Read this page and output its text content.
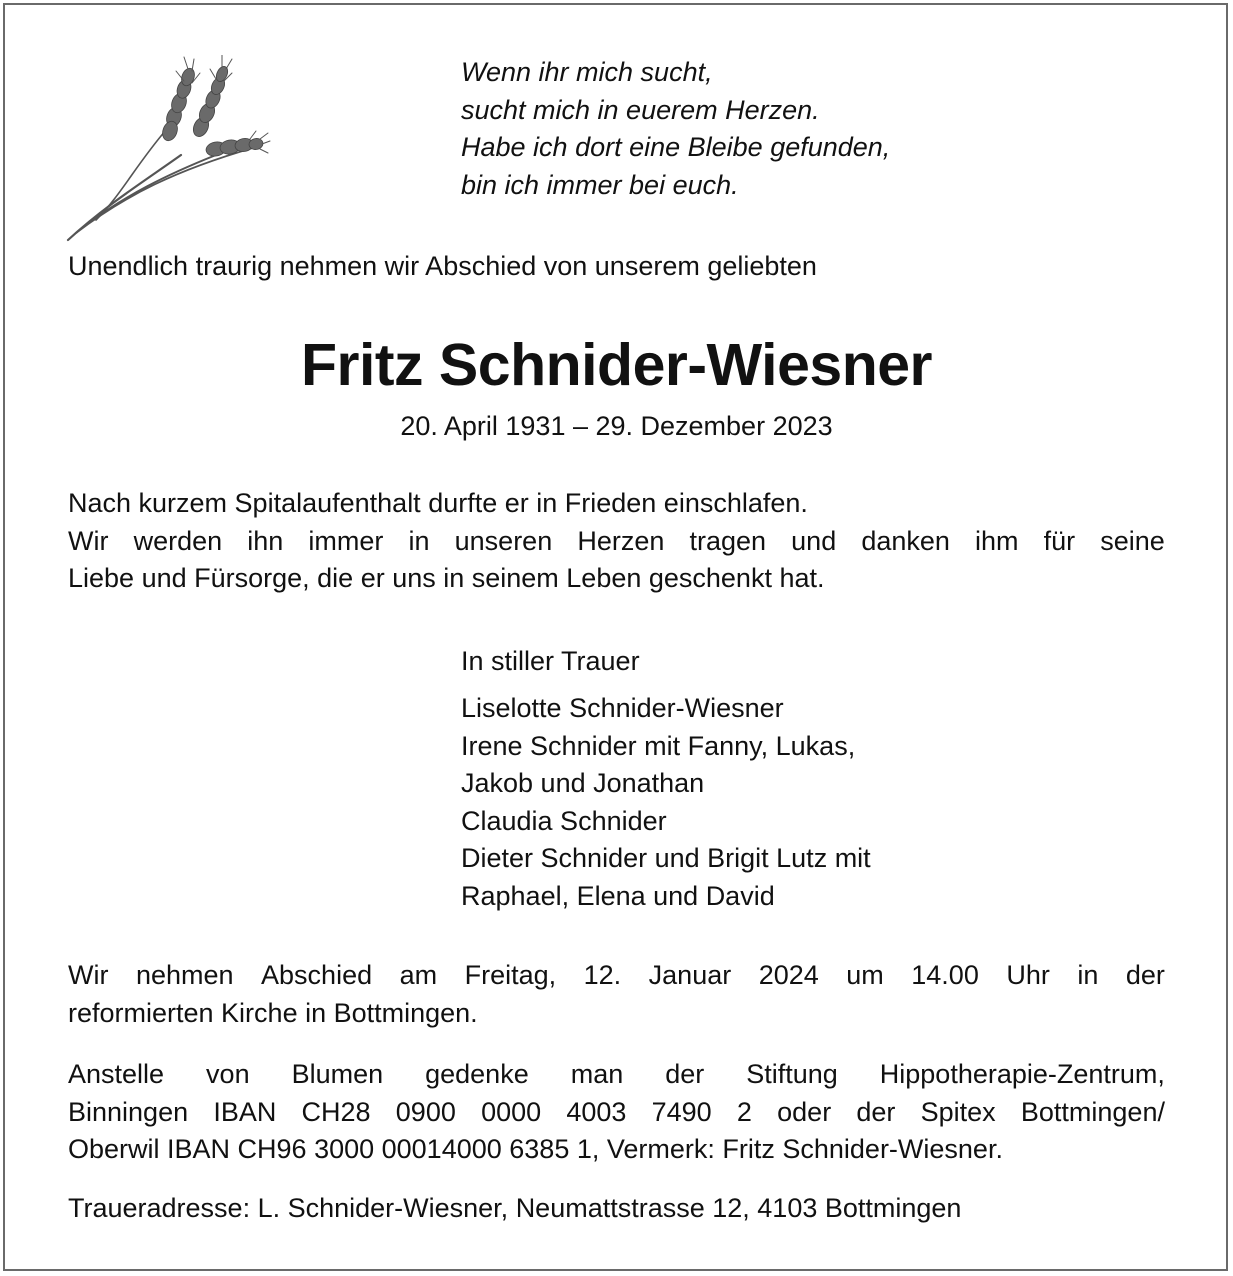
Wenn ihr mich sucht,
sucht mich in euerem Herzen.
Habe ich dort eine Bleibe gefunden,
bin ich immer bei euch.
Unendlich traurig nehmen wir Abschied von unserem geliebten
Fritz Schnider-Wiesner
20. April 1931 – 29. Dezember 2023
Nach kurzem Spitalaufenthalt durfte er in Frieden einschlafen.
Wir werden ihn immer in unseren Herzen tragen und danken ihm für seine
Liebe und Fürsorge, die er uns in seinem Leben geschenkt hat.
In stiller Trauer
Liselotte Schnider-Wiesner
Irene Schnider mit Fanny, Lukas,
Jakob und Jonathan
Claudia Schnider
Dieter Schnider und Brigit Lutz mit
Raphael, Elena und David
Wir nehmen Abschied am Freitag, 12. Januar 2024 um 14.00 Uhr in der
reformierten Kirche in Bottmingen.
Anstelle von Blumen gedenke man der Stiftung Hippotherapie-Zentrum,
Binningen IBAN CH28 0900 0000 4003 7490 2 oder der Spitex Bottmingen/
Oberwil IBAN CH96 3000 00014000 6385 1, Vermerk: Fritz Schnider-Wiesner.
Traueradresse: L. Schnider-Wiesner, Neumattstrasse 12, 4103 Bottmingen
